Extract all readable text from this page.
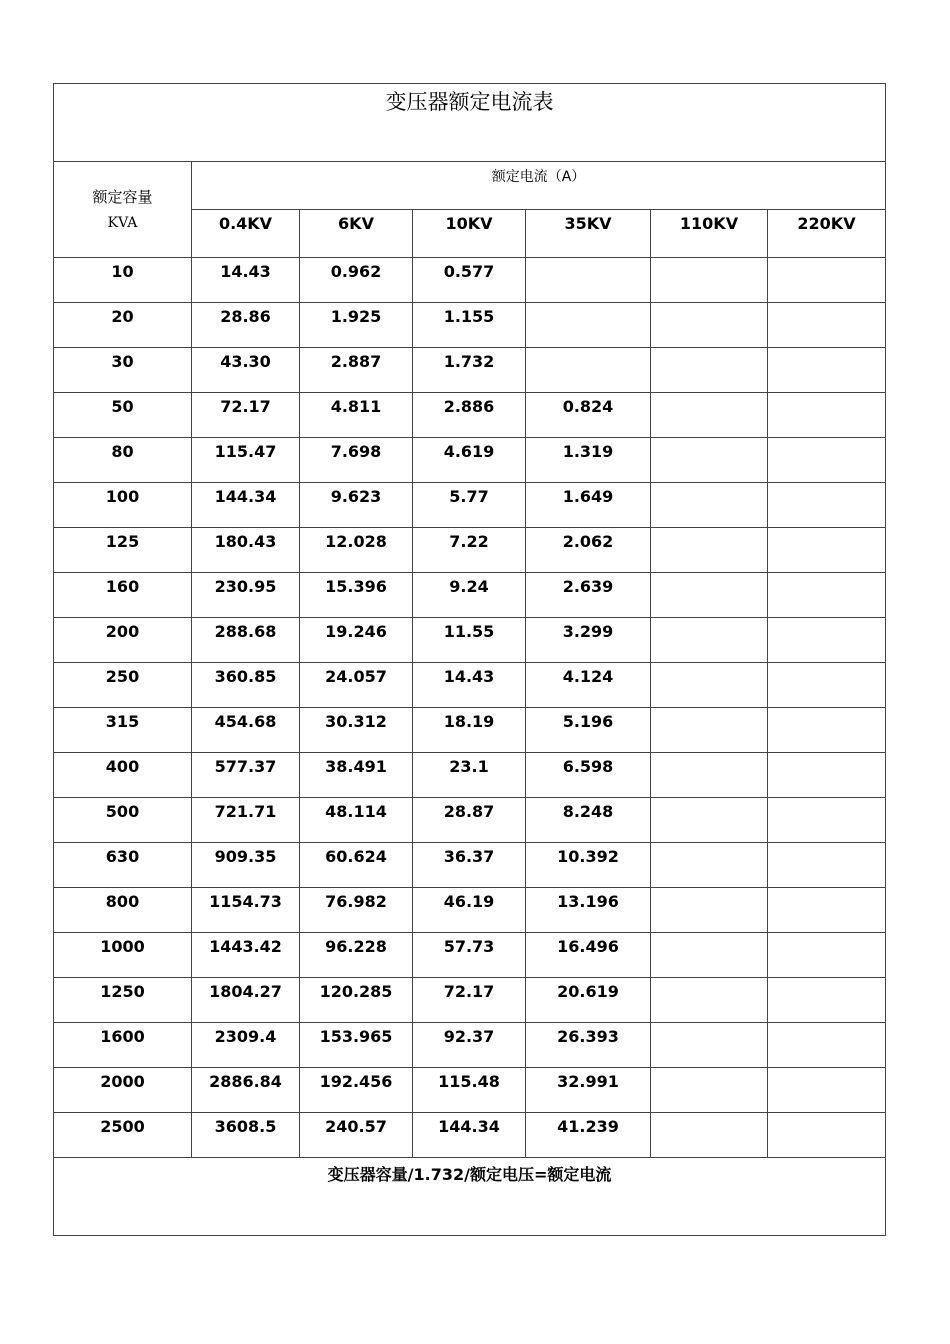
变压器额定电流表						

额定容量
KVA	额定电流（A）					
	0.4KV	6KV	10KV	35KV	110KV	220KV
10	14.43	0.962	0.577			
20	28.86	1.925	1.155			
30	43.30	2.887	1.732			
50	72.17	4.811	2.886	0.824		
80	115.47	7.698	4.619	1.319		
100	144.34	9.623	5.77	1.649		
125	180.43	12.028	7.22	2.062		
160	230.95	15.396	9.24	2.639		
200	288.68	19.246	11.55	3.299		
250	360.85	24.057	14.43	4.124		
315	454.68	30.312	18.19	5.196		
400	577.37	38.491	23.1	6.598		
500	721.71	48.114	28.87	8.248		
630	909.35	60.624	36.37	10.392		
800	1154.73	76.982	46.19	13.196		
1000	1443.42	96.228	57.73	16.496		
1250	1804.27	120.285	72.17	20.619		
1600	2309.4	153.965	92.37	26.393		
2000	2886.84	192.456	115.48	32.991		
2500	3608.5	240.57	144.34	41.239		
变压器容量/1.732/额定电压=额定电流						
